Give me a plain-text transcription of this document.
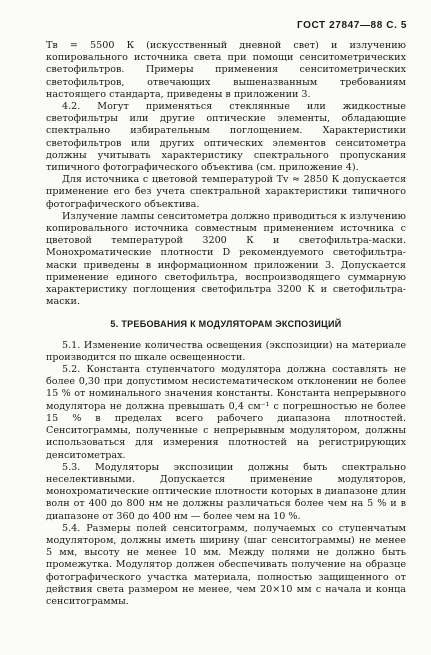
ГОСТ 27847—88 С. 5

Tв = 5500 К (искусственный дневной свет) и излучению копировального источника света при помощи сенситометрических светофильтров. Примеры применения сенситометрических светофильтров, отвечающих вышеназванным требованиям настоящего стандарта, приведены в приложении 3.

4.2. Могут применяться стеклянные или жидкостные светофильтры или другие оптические элементы, обладающие спектрально избирательным поглощением. Характеристики светофильтров или других оптических элементов сенситометра должны учитывать характеристику спектрального пропускания типичного фотографического объектива (см. приложение 4).

Для источника с цветовой температурой Tv ≈ 2850 К допускается применение его без учета спектральной характеристики типичного фотографического объектива.

Излучение лампы сенситометра должно приводиться к излучению копировального источника совместным применением источника с цветовой температурой 3200 К и светофильтра-маски. Монохроматические плотности D рекомендуемого светофильтра-маски приведены в информационном приложении 3. Допускается применение единого светофильтра, воспроизводящего суммарную характеристику поглощения светофильтра 3200 К и светофильтра-маски.

5. ТРЕБОВАНИЯ К МОДУЛЯТОРАМ ЭКСПОЗИЦИЙ

5.1. Изменение количества освещения (экспозиции) на материале производится по шкале освещенности.

5.2. Константа ступенчатого модулятора должна составлять не более 0,30 при допустимом несистематическом отклонении не более 15 % от номинального значения константы. Константа непрерывного модулятора не должна превышать 0,4 см⁻¹ с погрешностью не более 15 % в пределах всего рабочего диапазона плотностей. Сенситограммы, полученные с непрерывным модулятором, должны использоваться для измерения плотностей на регистрирующих денситометрах.

5.3. Модуляторы экспозиции должны быть спектрально неселективными. Допускается применение модуляторов, монохроматические оптические плотности которых в диапазоне длин волн от 400 до 800 нм не должны различаться более чем на 5 % и в диапазоне от 360 до 400 нм — более чем на 10 %.

5.4. Размеры полей сенситограмм, получаемых со ступенчатым модулятором, должны иметь ширину (шаг сенситограммы) не менее 5 мм, высоту не менее 10 мм. Между полями не должно быть промежутка. Модулятор должен обеспечивать получение на образце фотографического участка материала, полностью защищенного от действия света размером не менее, чем 20×10 мм с начала и конца сенситограммы.
